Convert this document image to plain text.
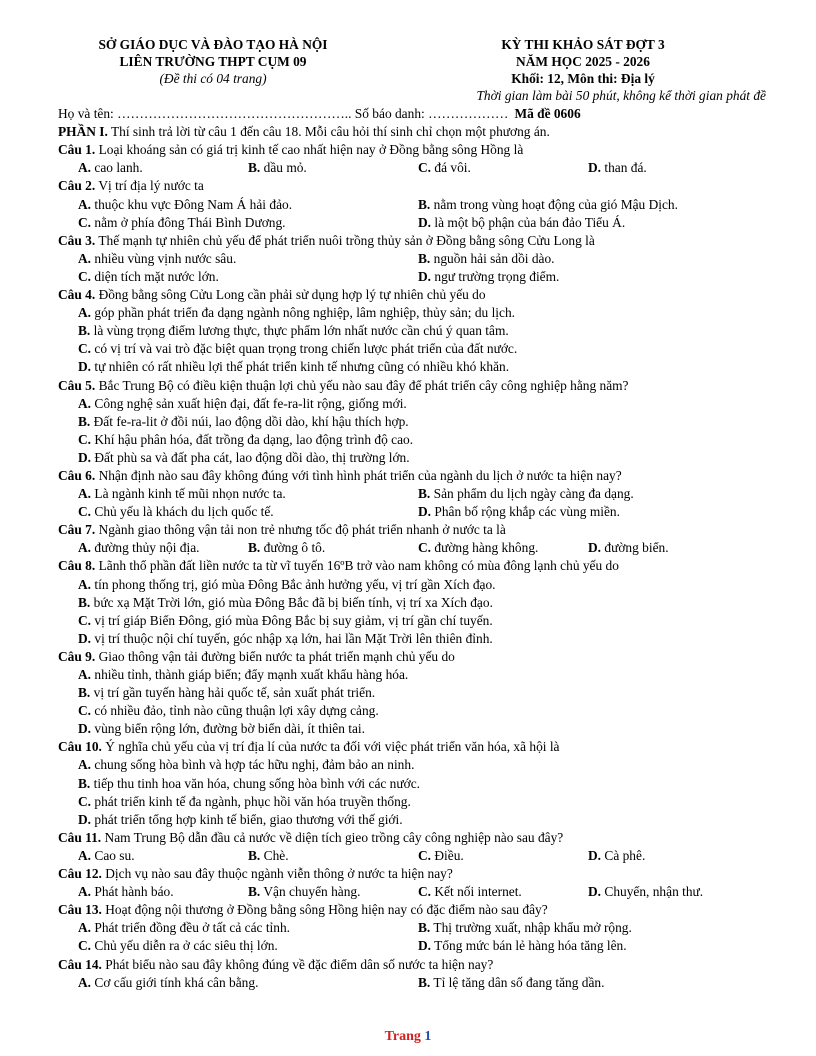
SỞ GIÁO DỤC VÀ ĐÀO TẠO HÀ NỘI
LIÊN TRƯỜNG THPT CỤM 09
(Đề thi có 04 trang)
KỲ THI KHẢO SÁT ĐỢT 3
NĂM HỌC 2025 - 2026
Khối: 12, Môn thi: Địa lý
Thời gian làm bài 50 phút, không kể thời gian phát đề
Họ và tên: …………………………………………….. Số báo danh: ……………… Mã đề 0606
PHẦN I. Thí sinh trả lời từ câu 1 đến câu 18. Mỗi câu hỏi thí sinh chỉ chọn một phương án.
Câu 1. Loại khoáng sản có giá trị kinh tế cao nhất hiện nay ở Đồng bằng sông Hồng là
A. cao lanh.	B. dầu mỏ.	C. đá vôi.	D. than đá.
Câu 2. Vị trí địa lý nước ta
A. thuộc khu vực Đông Nam Á hải đảo.	B. nằm trong vùng hoạt động của gió Mậu Dịch.
C. nằm ở phía đông Thái Bình Dương.	D. là một bộ phận của bán đảo Tiểu Á.
Câu 3. Thế mạnh tự nhiên chủ yếu để phát triển nuôi trồng thủy sản ở Đồng bằng sông Cửu Long là
A. nhiều vùng vịnh nước sâu.	B. nguồn hải sản dồi dào.
C. diện tích mặt nước lớn.	D. ngư trường trọng điểm.
Câu 4. Đồng bằng sông Cửu Long cần phải sử dụng hợp lý tự nhiên chủ yếu do
A. góp phần phát triển đa dạng ngành nông nghiệp, lâm nghiệp, thủy sản; du lịch.
B. là vùng trọng điểm lương thực, thực phẩm lớn nhất nước cần chú ý quan tâm.
C. có vị trí và vai trò đặc biệt quan trọng trong chiến lược phát triển của đất nước.
D. tự nhiên có rất nhiều lợi thế phát triển kinh tế nhưng cũng có nhiều khó khăn.
Câu 5. Bắc Trung Bộ có điều kiện thuận lợi chủ yếu nào sau đây để phát triển cây công nghiệp hằng năm?
A. Công nghệ sản xuất hiện đại, đất fe-ra-lit rộng, giống mới.
B. Đất fe-ra-lit ở đồi núi, lao động dồi dào, khí hậu thích hợp.
C. Khí hậu phân hóa, đất trồng đa dạng, lao động trình độ cao.
D. Đất phù sa và đất pha cát, lao động dồi dào, thị trường lớn.
Câu 6. Nhận định nào sau đây không đúng với tình hình phát triển của ngành du lịch ở nước ta hiện nay?
A. Là ngành kinh tế mũi nhọn nước ta.	B. Sản phẩm du lịch ngày càng đa dạng.
C. Chủ yếu là khách du lịch quốc tế.	D. Phân bố rộng khắp các vùng miền.
Câu 7. Ngành giao thông vận tải non trẻ nhưng tốc độ phát triển nhanh ở nước ta là
A. đường thủy nội địa.	B. đường ô tô.	C. đường hàng không.	D. đường biển.
Câu 8. Lãnh thổ phần đất liền nước ta từ vĩ tuyến 16ºB trở vào nam không có mùa đông lạnh chủ yếu do
A. tín phong thống trị, gió mùa Đông Bắc ảnh hưởng yếu, vị trí gần Xích đạo.
B. bức xạ Mặt Trời lớn, gió mùa Đông Bắc đã bị biến tính, vị trí xa Xích đạo.
C. vị trí giáp Biển Đông, gió mùa Đông Bắc bị suy giảm, vị trí gần chí tuyến.
D. vị trí thuộc nội chí tuyến, góc nhập xạ lớn, hai lần Mặt Trời lên thiên đỉnh.
Câu 9. Giao thông vận tải đường biển nước ta phát triển mạnh chủ yếu do
A. nhiều tỉnh, thành giáp biển; đẩy mạnh xuất khẩu hàng hóa.
B. vị trí gần tuyến hàng hải quốc tế, sản xuất phát triển.
C. có nhiều đảo, tỉnh nào cũng thuận lợi xây dựng cảng.
D. vùng biển rộng lớn, đường bờ biển dài, ít thiên tai.
Câu 10. Ý nghĩa chủ yếu của vị trí địa lí của nước ta đối với việc phát triển văn hóa, xã hội là
A. chung sống hòa bình và hợp tác hữu nghị, đảm bảo an ninh.
B. tiếp thu tinh hoa văn hóa, chung sống hòa bình với các nước.
C. phát triển kinh tế đa ngành, phục hồi văn hóa truyền thống.
D. phát triển tổng hợp kinh tế biển, giao thương với thế giới.
Câu 11. Nam Trung Bộ dẫn đầu cả nước về diện tích gieo trồng cây công nghiệp nào sau đây?
A. Cao su.	B. Chè.	C. Điều.	D. Cà phê.
Câu 12. Dịch vụ nào sau đây thuộc ngành viễn thông ở nước ta hiện nay?
A. Phát hành báo.	B. Vận chuyển hàng.	C. Kết nối internet.	D. Chuyển, nhận thư.
Câu 13. Hoạt động nội thương ở Đồng bằng sông Hồng hiện nay có đặc điểm nào sau đây?
A. Phát triển đồng đều ở tất cả các tỉnh.	B. Thị trường xuất, nhập khẩu mở rộng.
C. Chủ yếu diễn ra ở các siêu thị lớn.	D. Tổng mức bán lẻ hàng hóa tăng lên.
Câu 14. Phát biểu nào sau đây không đúng về đặc điểm dân số nước ta hiện nay?
A. Cơ cấu giới tính khá cân bằng.	B. Tỉ lệ tăng dân số đang tăng dần.
Trang 1
